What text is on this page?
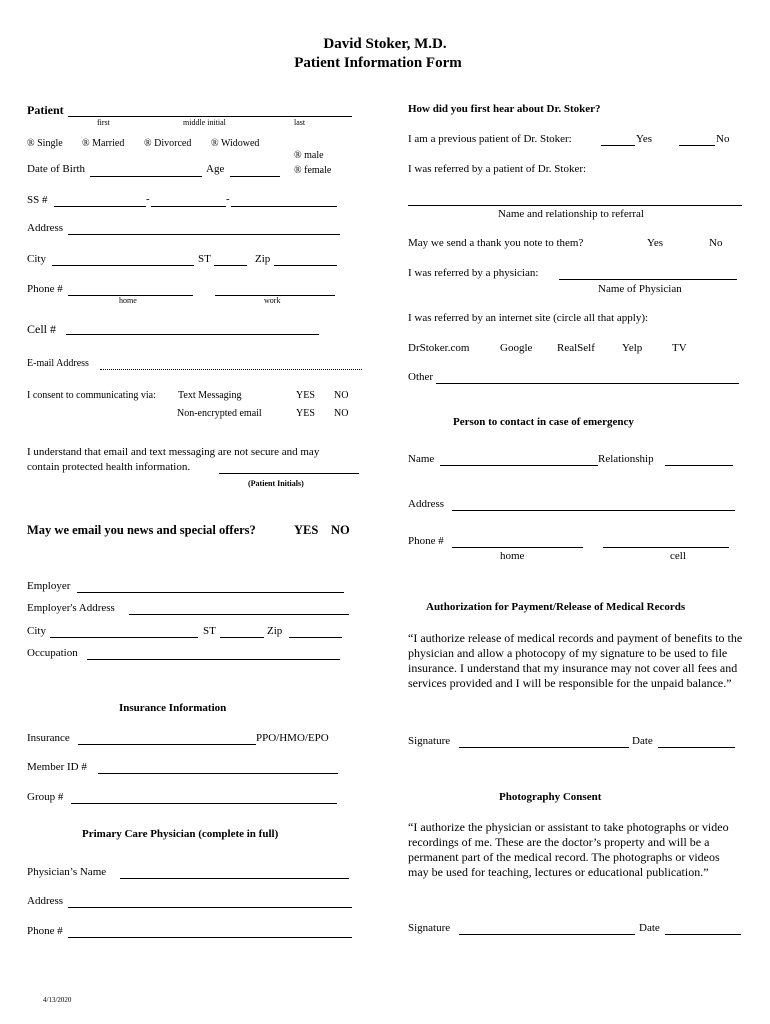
David Stoker, M.D.
Patient Information Form
Patient
first	middle initial	last
® Single ® Married ® Divorced ® Widowed
® male
® female
Date of Birth	Age
SS #	-	-
Address
City	ST	Zip
Phone #
home	work
Cell #
E-mail Address
I consent to communicating via: Text Messaging	YES NO
Non-encrypted email	YES NO
I understand that email and text messaging are not secure and may
contain protected health information.
(Patient Initials)
May we email you news and special offers?	YES NO
Employer
Employer's Address
City	ST	Zip
Occupation
Insurance Information
Insurance	PPO/HMO/EPO
Member ID #
Group #
Primary Care Physician (complete in full)
Physician’s Name
Address
Phone #
4/13/2020
How did you first hear about Dr. Stoker?
I am a previous patient of Dr. Stoker:	Yes	No
I was referred by a patient of Dr. Stoker:
Name and relationship to referral
May we send a thank you note to them?	Yes	No
I was referred by a physician:
Name of Physician
I was referred by an internet site (circle all that apply):
DrStoker.com	Google RealSelf Yelp	TV
Other
Person to contact in case of emergency
Name	Relationship
Address
Phone #
home	cell
Authorization for Payment/Release of Medical Records
“I authorize release of medical records and payment of benefits to the physician and allow a photocopy of my signature to be used to file insurance. I understand that my insurance may not cover all fees and services provided and I will be responsible for the unpaid balance.”
Signature	Date
Photography Consent
“I authorize the physician or assistant to take photographs or video recordings of me. These are the doctor’s property and will be a permanent part of the medical record. The photographs or videos may be used for teaching, lectures or educational publication.”
Signature	Date
